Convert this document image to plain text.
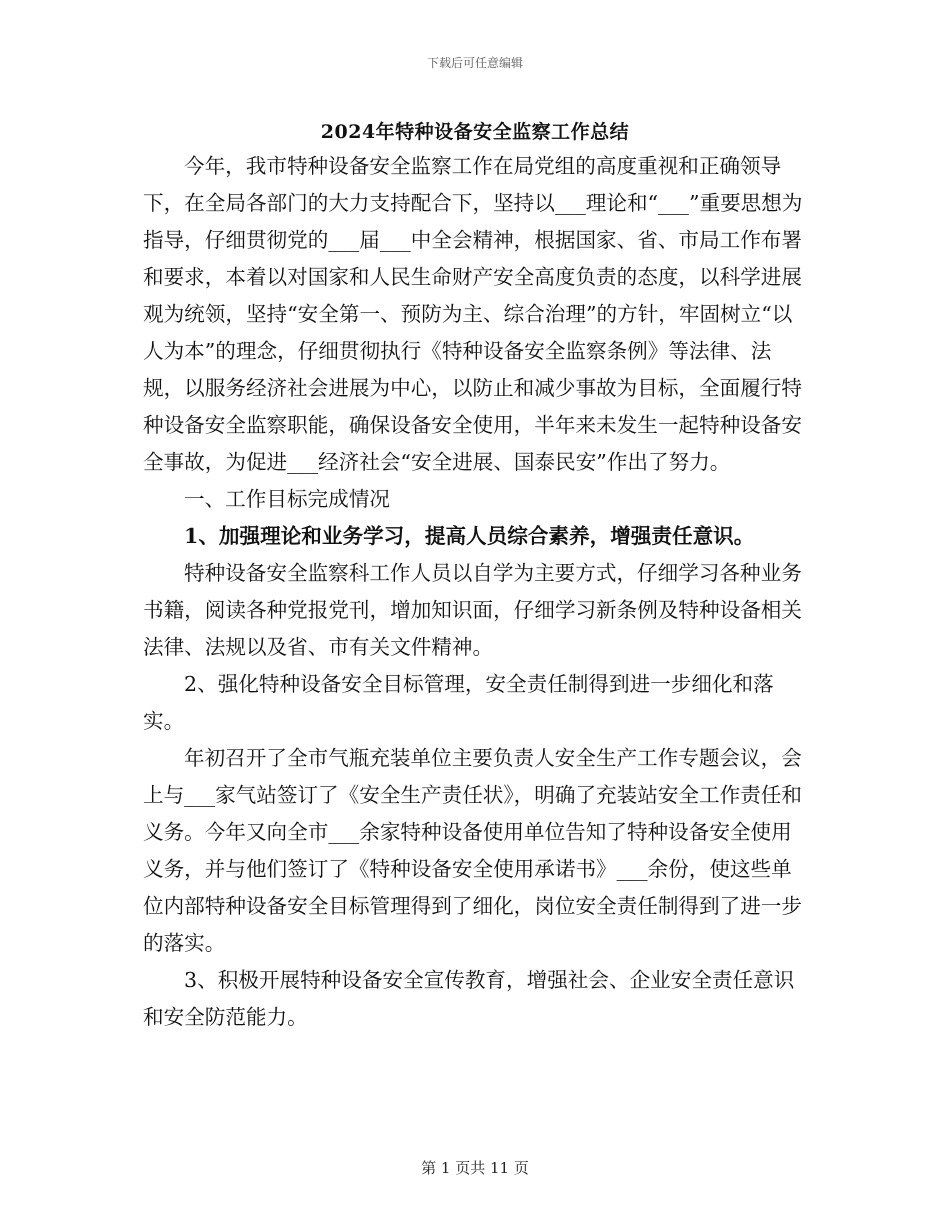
下载后可任意编辑
2024年特种设备安全监察工作总结

今年，我市特种设备安全监察工作在局党组的高度重视和正确领导下，在全局各部门的大力支持配合下，坚持以___理论和“___”重要思想为指导，仔细贯彻党的___届___中全会精神，根据国家、省、市局工作布署和要求，本着以对国家和人民生命财产安全高度负责的态度，以科学进展观为统领，坚持“安全第一、预防为主、综合治理”的方针，牢固树立“以人为本”的理念，仔细贯彻执行《特种设备安全监察条例》等法律、法规，以服务经济社会进展为中心，以防止和减少事故为目标，全面履行特种设备安全监察职能，确保设备安全使用，半年来未发生一起特种设备安全事故，为促进___经济社会“安全进展、国泰民安”作出了努力。

一、工作目标完成情况

1、加强理论和业务学习，提高人员综合素养，增强责任意识。

特种设备安全监察科工作人员以自学为主要方式，仔细学习各种业务书籍，阅读各种党报党刊，增加知识面，仔细学习新条例及特种设备相关法律、法规以及省、市有关文件精神。

2、强化特种设备安全目标管理，安全责任制得到进一步细化和落实。

年初召开了全市气瓶充装单位主要负责人安全生产工作专题会议，会上与___家气站签订了《安全生产责任状》，明确了充装站安全工作责任和义务。今年又向全市___余家特种设备使用单位告知了特种设备安全使用义务，并与他们签订了《特种设备安全使用承诺书》___余份，使这些单位内部特种设备安全目标管理得到了细化，岗位安全责任制得到了进一步的落实。

3、积极开展特种设备安全宣传教育，增强社会、企业安全责任意识和安全防范能力。

第 1 页共 11 页
